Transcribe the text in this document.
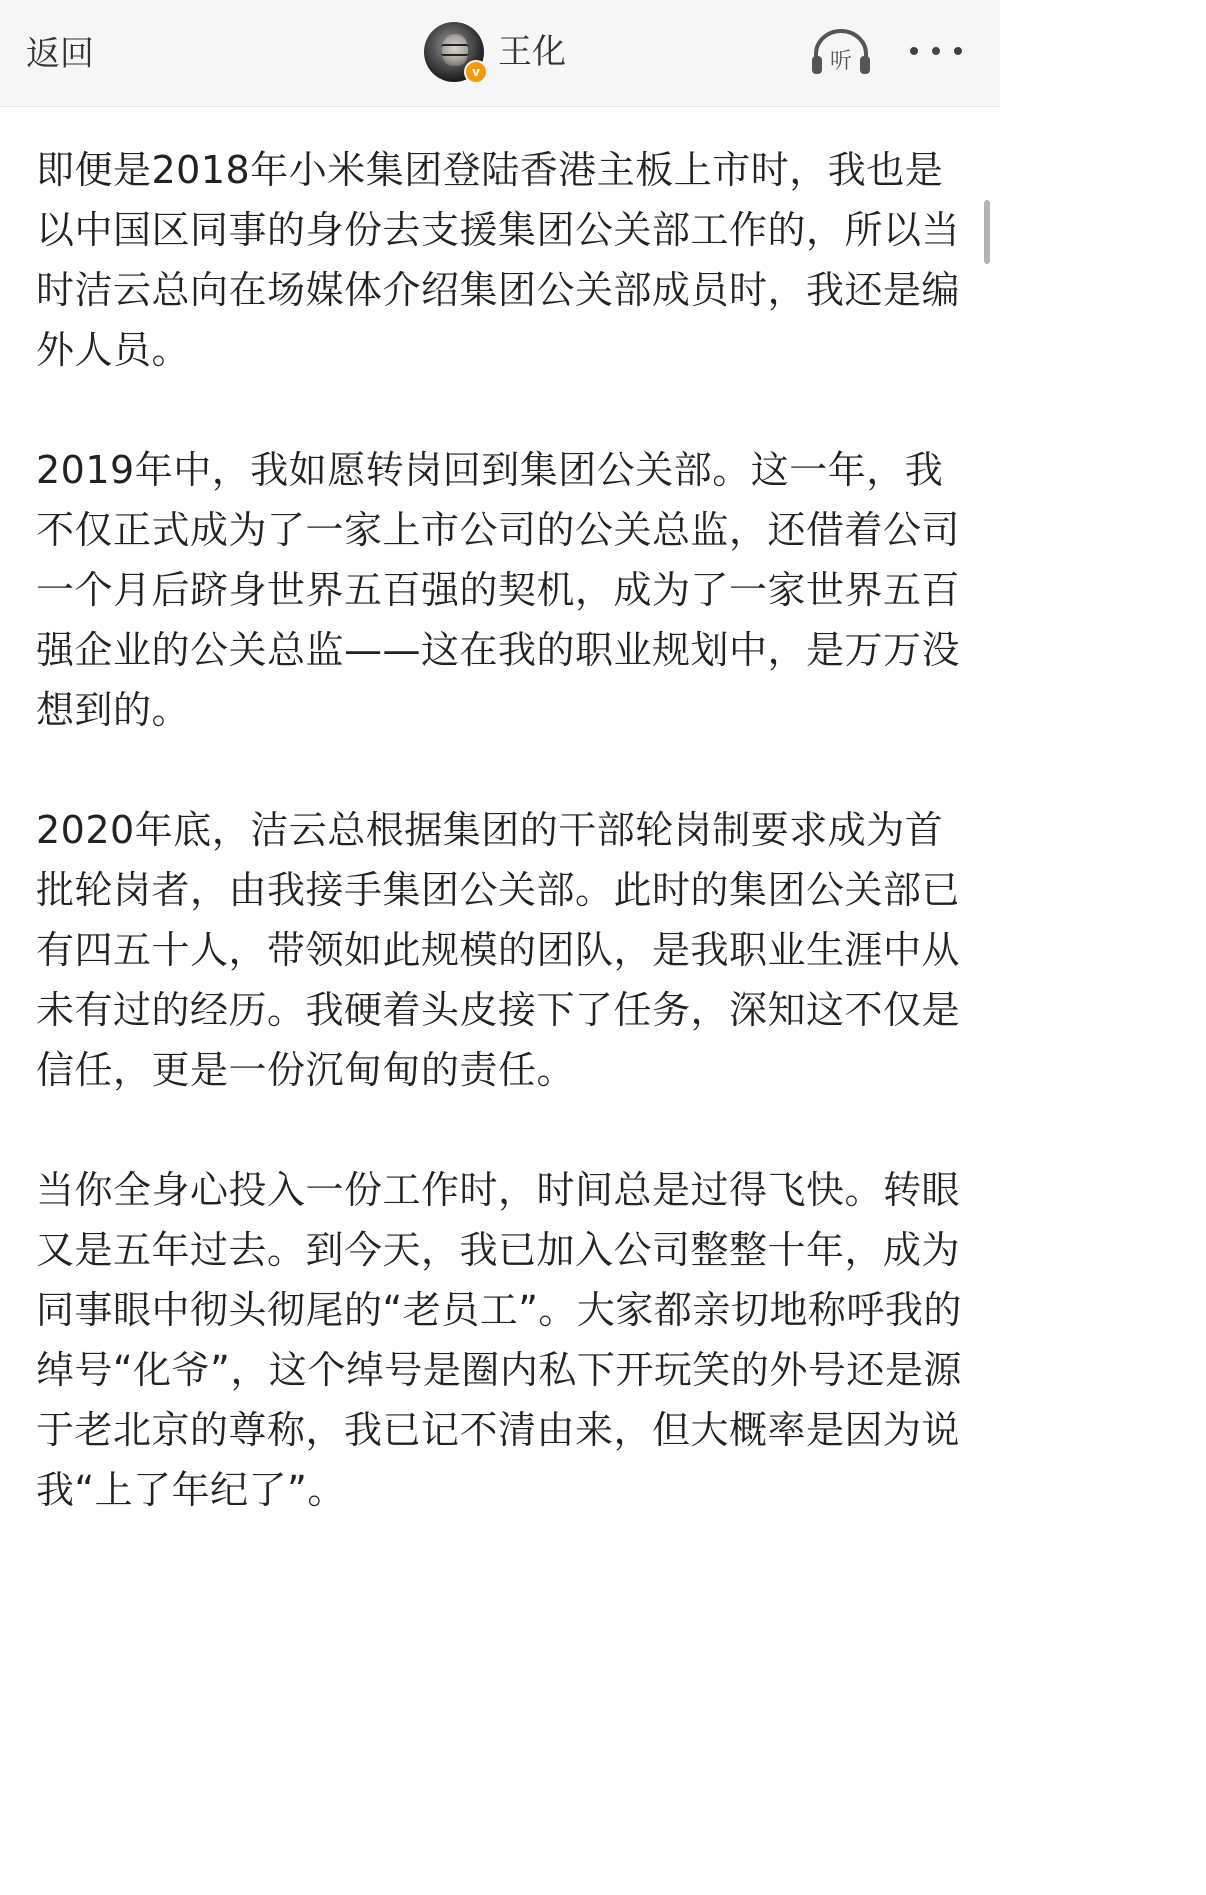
返回	v 王化	听

即便是2018年小米集团登陆香港主板上市时，我也是以中国区同事的身份去支援集团公关部工作的，所以当时洁云总向在场媒体介绍集团公关部成员时，我还是编外人员。

2019年中，我如愿转岗回到集团公关部。这一年，我不仅正式成为了一家上市公司的公关总监，还借着公司一个月后跻身世界五百强的契机，成为了一家世界五百强企业的公关总监——这在我的职业规划中，是万万没想到的。

2020年底，洁云总根据集团的干部轮岗制要求成为首批轮岗者，由我接手集团公关部。此时的集团公关部已有四五十人，带领如此规模的团队，是我职业生涯中从未有过的经历。我硬着头皮接下了任务，深知这不仅是信任，更是一份沉甸甸的责任。

当你全身心投入一份工作时，时间总是过得飞快。转眼又是五年过去。到今天，我已加入公司整整十年，成为同事眼中彻头彻尾的“老员工”。大家都亲切地称呼我的绰号“化爷”，这个绰号是圈内私下开玩笑的外号还是源于老北京的尊称，我已记不清由来，但大概率是因为说我“上了年纪了”。
